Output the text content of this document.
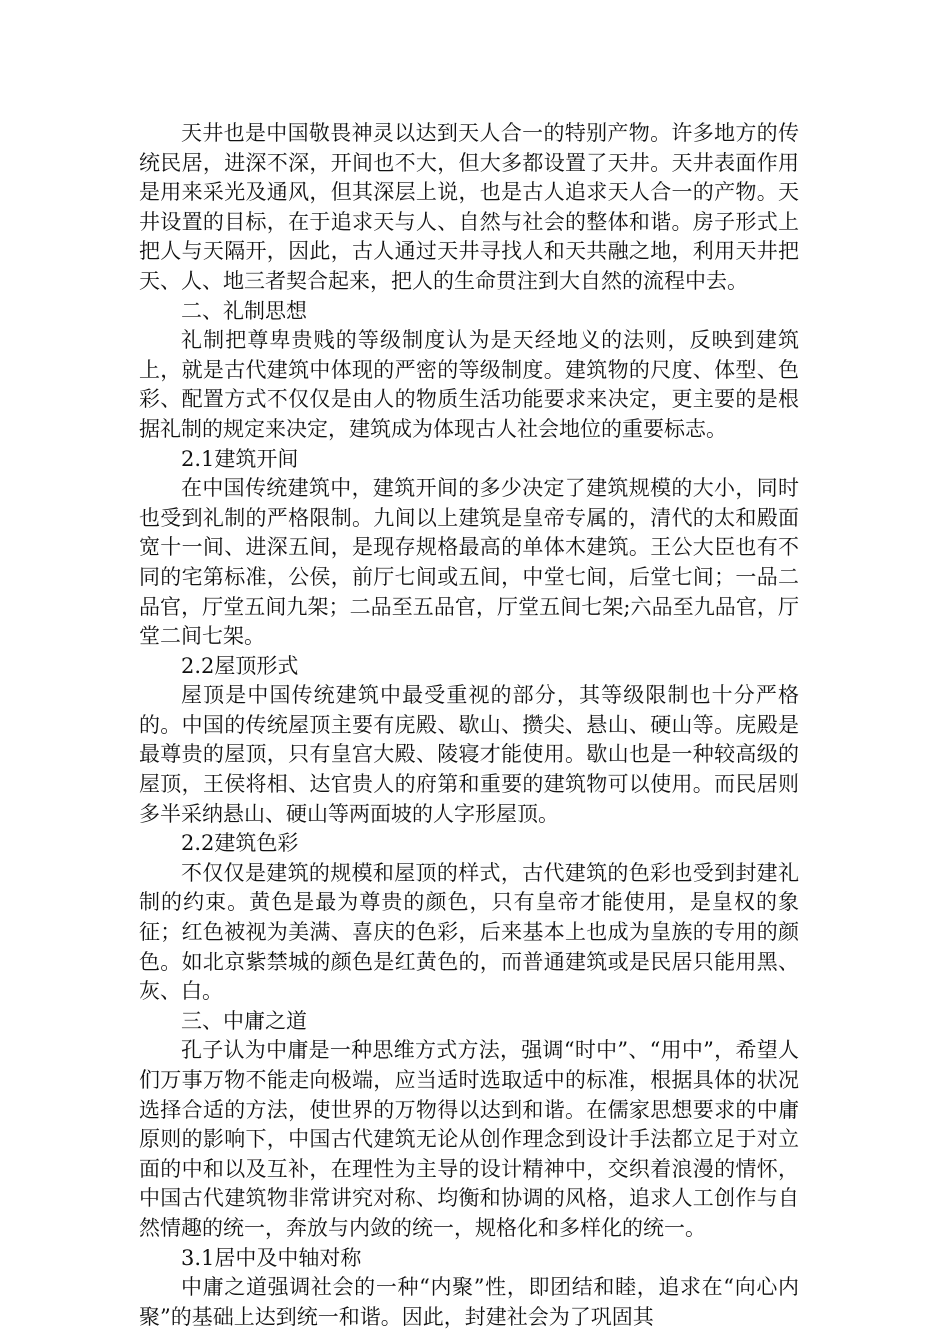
天井也是中国敬畏神灵以达到天人合一的特别产物。许多地方的传统民居，进深不深，开间也不大，但大多都设置了天井。天井表面作用是用来采光及通风，但其深层上说，也是古人追求天人合一的产物。天井设置的目标，在于追求天与人、自然与社会的整体和谐。房子形式上把人与天隔开，因此，古人通过天井寻找人和天共融之地，利用天井把天、人、地三者契合起来，把人的生命贯注到大自然的流程中去。

二、礼制思想

礼制把尊卑贵贱的等级制度认为是天经地义的法则，反映到建筑上，就是古代建筑中体现的严密的等级制度。建筑物的尺度、体型、色彩、配置方式不仅仅是由人的物质生活功能要求来决定，更主要的是根据礼制的规定来决定，建筑成为体现古人社会地位的重要标志。

2.1建筑开间

在中国传统建筑中，建筑开间的多少决定了建筑规模的大小，同时也受到礼制的严格限制。九间以上建筑是皇帝专属的，清代的太和殿面宽十一间、进深五间，是现存规格最高的单体木建筑。王公大臣也有不同的宅第标准，公侯，前厅七间或五间，中堂七间，后堂七间；一品二品官，厅堂五间九架；二品至五品官，厅堂五间七架;六品至九品官，厅堂二间七架。

2.2屋顶形式

屋顶是中国传统建筑中最受重视的部分，其等级限制也十分严格的。中国的传统屋顶主要有庑殿、歇山、攒尖、悬山、硬山等。庑殿是最尊贵的屋顶，只有皇宫大殿、陵寝才能使用。歇山也是一种较高级的屋顶，王侯将相、达官贵人的府第和重要的建筑物可以使用。而民居则多半采纳悬山、硬山等两面坡的人字形屋顶。

2.2建筑色彩

不仅仅是建筑的规模和屋顶的样式，古代建筑的色彩也受到封建礼制的约束。黄色是最为尊贵的颜色，只有皇帝才能使用，是皇权的象征；红色被视为美满、喜庆的色彩，后来基本上也成为皇族的专用的颜色。如北京紫禁城的颜色是红黄色的，而普通建筑或是民居只能用黑、灰、白。

三、中庸之道

孔子认为中庸是一种思维方式方法，强调“时中”、“用中”，希望人们万事万物不能走向极端，应当适时选取适中的标准，根据具体的状况选择合适的方法，使世界的万物得以达到和谐。在儒家思想要求的中庸原则的影响下，中国古代建筑无论从创作理念到设计手法都立足于对立面的中和以及互补，在理性为主导的设计精神中，交织着浪漫的情怀，中国古代建筑物非常讲究对称、均衡和协调的风格，追求人工创作与自然情趣的统一，奔放与内敛的统一，规格化和多样化的统一。

3.1居中及中轴对称

中庸之道强调社会的一种“内聚”性，即团结和睦，追求在“向心内聚”的基础上达到统一和谐。因此，封建社会为了巩固其
